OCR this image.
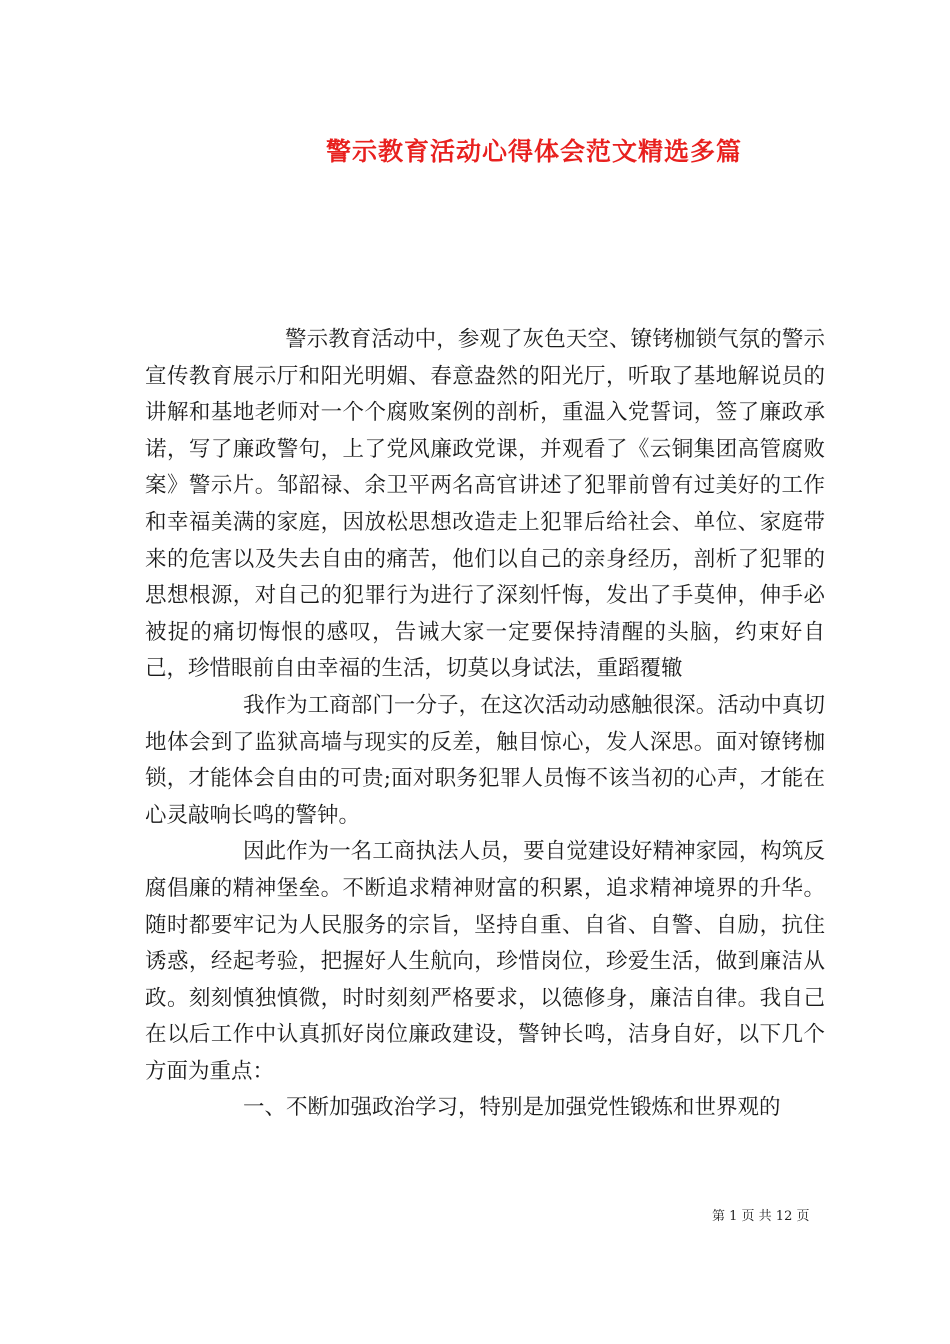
警示教育活动心得体会范文精选多篇

警示教育活动中，参观了灰色天空、镣铐枷锁气氛的警示宣传教育展示厅和阳光明媚、春意盎然的阳光厅，听取了基地解说员的讲解和基地老师对一个个腐败案例的剖析，重温入党誓词，签了廉政承诺，写了廉政警句，上了党风廉政党课，并观看了《云铜集团高管腐败案》警示片。邹韶禄、余卫平两名高官讲述了犯罪前曾有过美好的工作和幸福美满的家庭，因放松思想改造走上犯罪后给社会、单位、家庭带来的危害以及失去自由的痛苦，他们以自己的亲身经历，剖析了犯罪的思想根源，对自己的犯罪行为进行了深刻忏悔，发出了手莫伸，伸手必被捉的痛切悔恨的感叹，告诫大家一定要保持清醒的头脑，约束好自己，珍惜眼前自由幸福的生活，切莫以身试法，重蹈覆辙

我作为工商部门一分子，在这次活动动感触很深。活动中真切地体会到了监狱高墙与现实的反差，触目惊心，发人深思。面对镣铐枷锁，才能体会自由的可贵;面对职务犯罪人员悔不该当初的心声，才能在心灵敲响长鸣的警钟。

因此作为一名工商执法人员，要自觉建设好精神家园，构筑反腐倡廉的精神堡垒。不断追求精神财富的积累，追求精神境界的升华。随时都要牢记为人民服务的宗旨，坚持自重、自省、自警、自励，抗住诱惑，经起考验，把握好人生航向，珍惜岗位，珍爱生活，做到廉洁从政。刻刻慎独慎微，时时刻刻严格要求，以德修身，廉洁自律。我自己在以后工作中认真抓好岗位廉政建设，警钟长鸣，洁身自好，以下几个方面为重点：

一、不断加强政治学习，特别是加强党性锻炼和世界观的

第 1 页 共 12 页
